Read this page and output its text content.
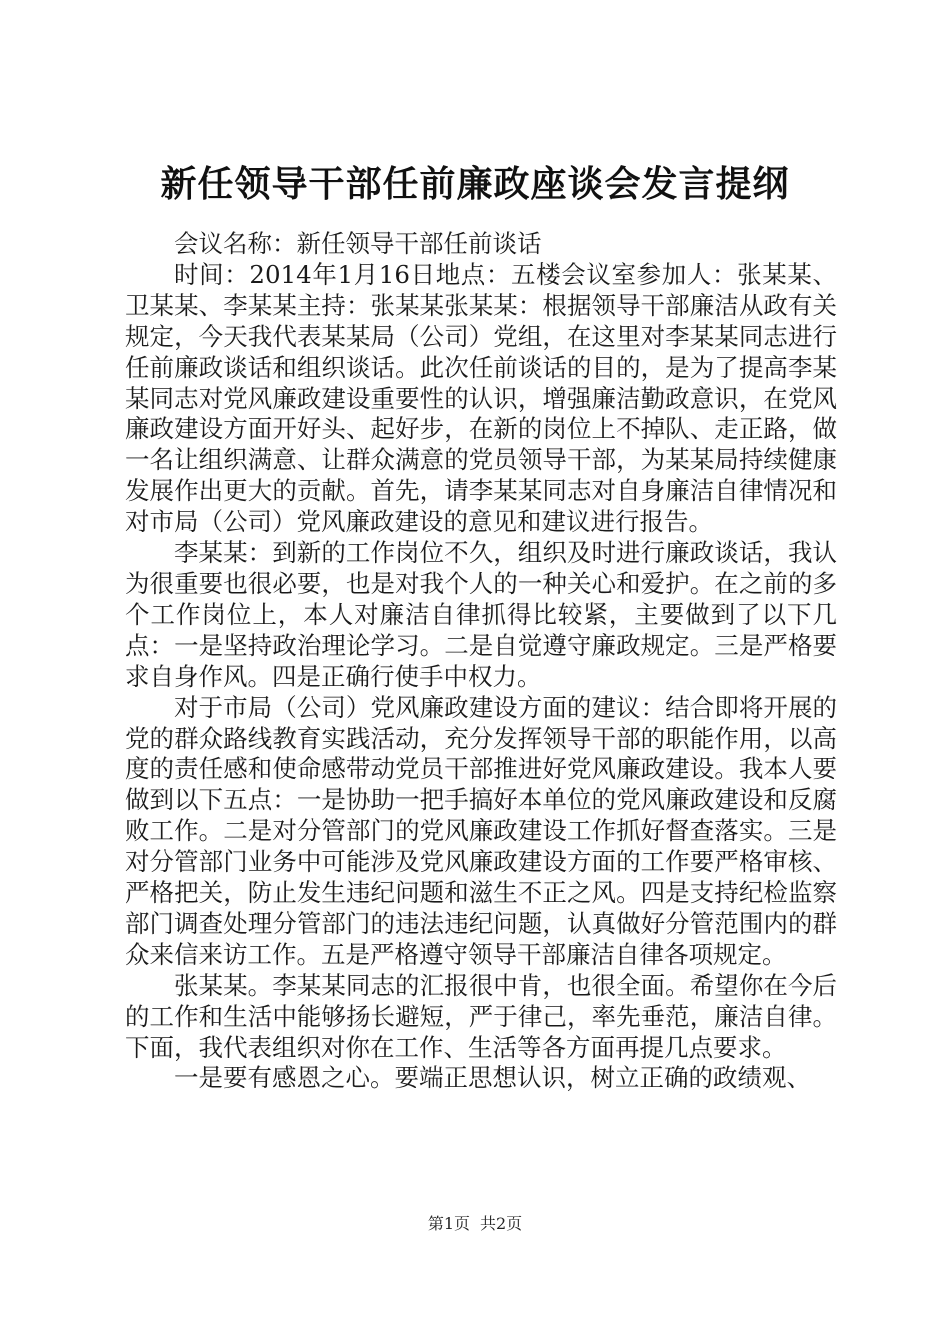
新任领导干部任前廉政座谈会发言提纲

会议名称：新任领导干部任前谈话

时间：2014年1月16日地点：五楼会议室参加人：张某某、卫某某、李某某主持：张某某张某某：根据领导干部廉洁从政有关规定，今天我代表某某局（公司）党组，在这里对李某某同志进行任前廉政谈话和组织谈话。此次任前谈话的目的，是为了提高李某某同志对党风廉政建设重要性的认识，增强廉洁勤政意识，在党风廉政建设方面开好头、起好步，在新的岗位上不掉队、走正路，做一名让组织满意、让群众满意的党员领导干部，为某某局持续健康发展作出更大的贡献。首先，请李某某同志对自身廉洁自律情况和对市局（公司）党风廉政建设的意见和建议进行报告。

李某某：到新的工作岗位不久，组织及时进行廉政谈话，我认为很重要也很必要，也是对我个人的一种关心和爱护。在之前的多个工作岗位上，本人对廉洁自律抓得比较紧，主要做到了以下几点：一是坚持政治理论学习。二是自觉遵守廉政规定。三是严格要求自身作风。四是正确行使手中权力。

对于市局（公司）党风廉政建设方面的建议：结合即将开展的党的群众路线教育实践活动，充分发挥领导干部的职能作用，以高度的责任感和使命感带动党员干部推进好党风廉政建设。我本人要做到以下五点：一是协助一把手搞好本单位的党风廉政建设和反腐败工作。二是对分管部门的党风廉政建设工作抓好督查落实。三是对分管部门业务中可能涉及党风廉政建设方面的工作要严格审核、严格把关，防止发生违纪问题和滋生不正之风。四是支持纪检监察部门调查处理分管部门的违法违纪问题，认真做好分管范围内的群众来信来访工作。五是严格遵守领导干部廉洁自律各项规定。

张某某。李某某同志的汇报很中肯，也很全面。希望你在今后的工作和生活中能够扬长避短，严于律己，率先垂范，廉洁自律。下面，我代表组织对你在工作、生活等各方面再提几点要求。

一是要有感恩之心。要端正思想认识，树立正确的政绩观、

第1页 共2页
